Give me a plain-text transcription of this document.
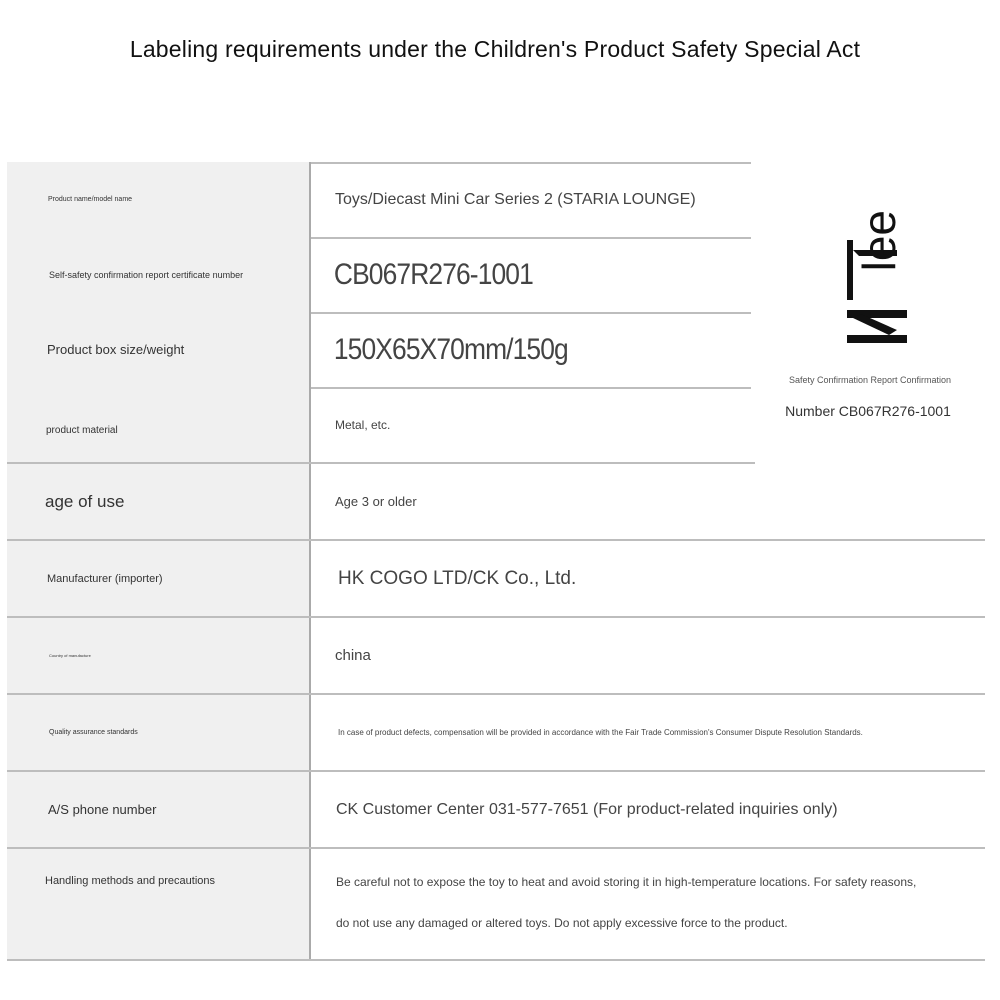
Labeling requirements under the Children's Product Safety Special Act
Product name/model name	Toys/Diecast Mini Car Series 2 (STARIA LOUNGE)
Self-safety confirmation report certificate number	CB067R276-1001
Product box size/weight	150X65X70mm/150g
product material	Metal, etc.
age of use	Age 3 or older
Manufacturer (importer)	HK COGO LTD/CK Co., Ltd.
Country of manufacture	china
Quality assurance standards	In case of product defects, compensation will be provided in accordance with the Fair Trade Commission's Consumer Dispute Resolution Standards.
A/S phone number	CK Customer Center 031-577-7651 (For product-related inquiries only)
Handling methods and precautions	Be careful not to expose the toy to heat and avoid storing it in high-temperature locations. For safety reasons, do not use any damaged or altered toys. Do not apply excessive force to the product.
lee
Safety Confirmation Report Confirmation
Number CB067R276-1001
